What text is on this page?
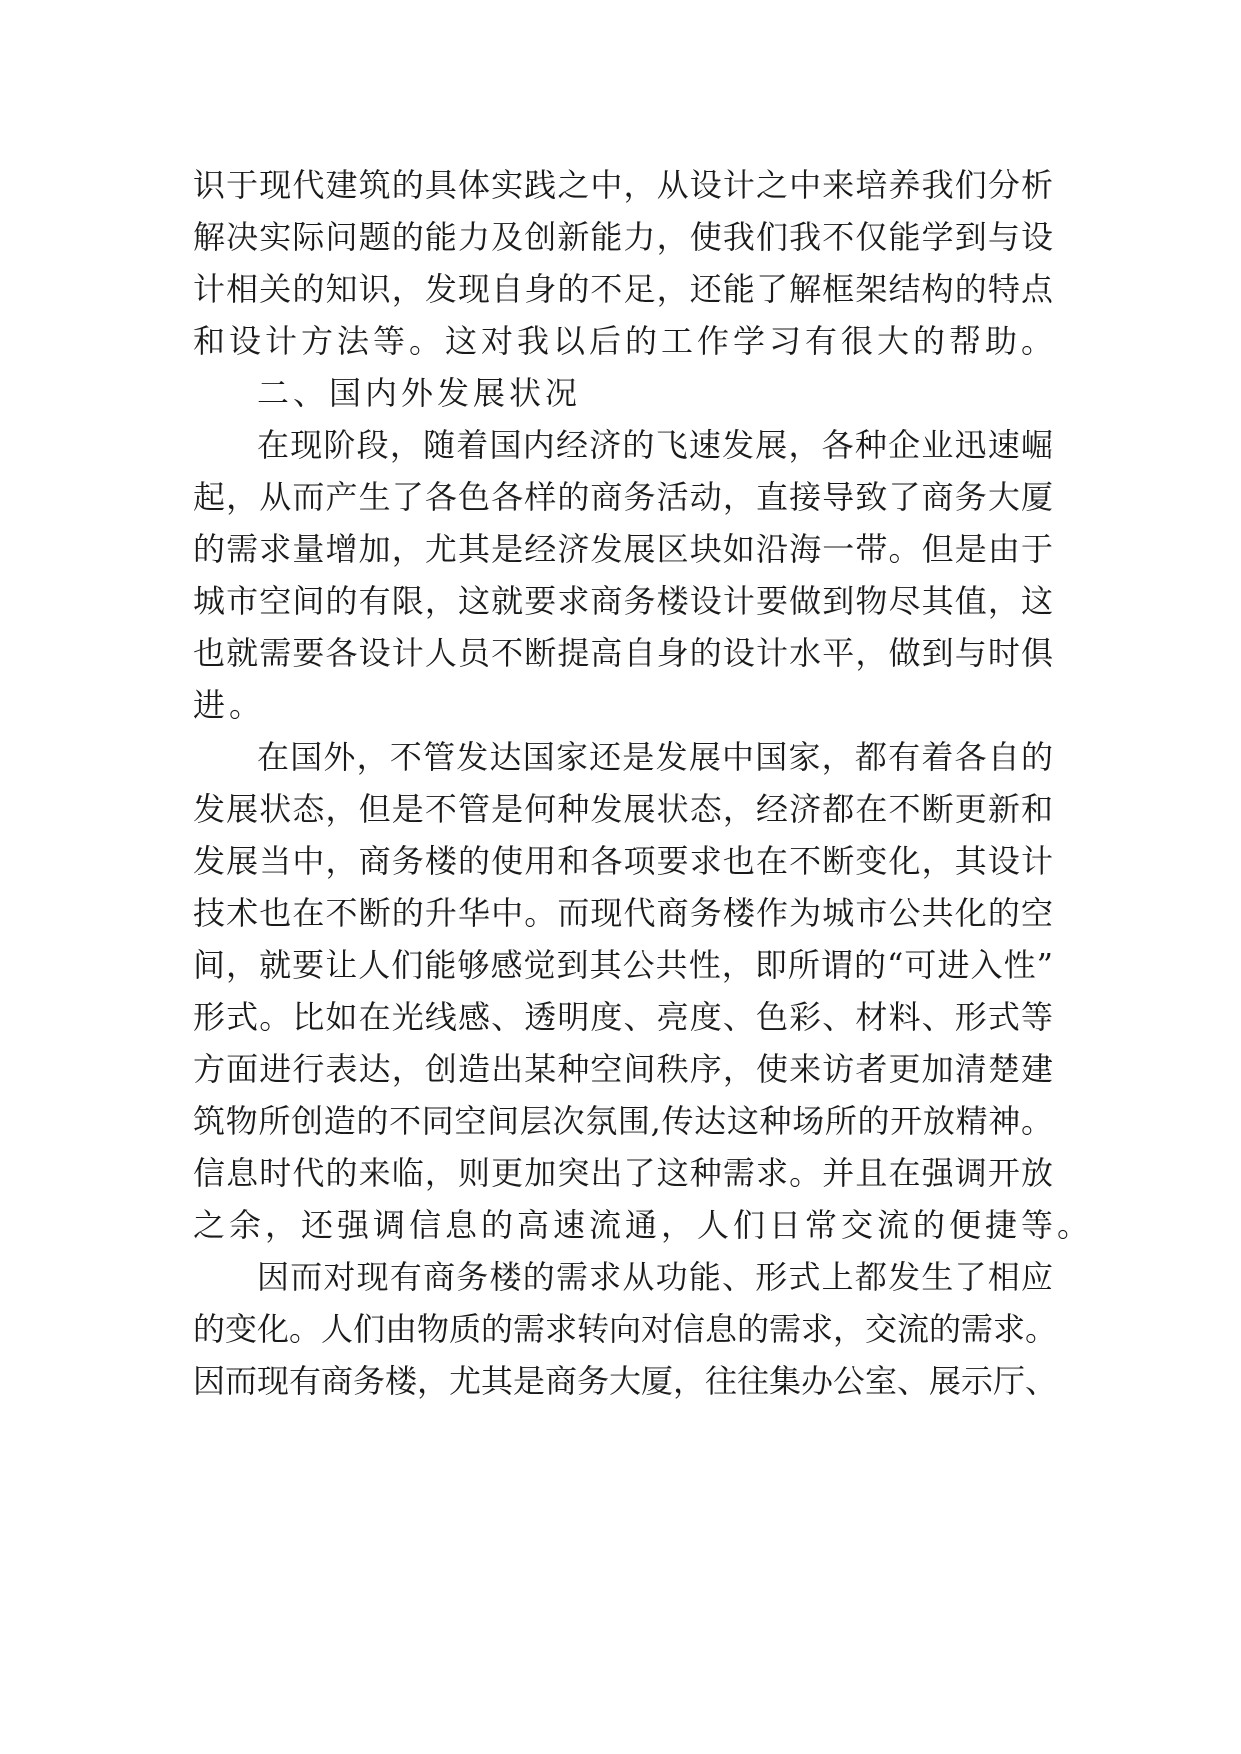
识于现代建筑的具体实践之中，从设计之中来培养我们分析
解决实际问题的能力及创新能力，使我们我不仅能学到与设
计相关的知识，发现自身的不足，还能了解框架结构的特点
和设计方法等。这对我以后的工作学习有很大的帮助。
二、国内外发展状况
在现阶段，随着国内经济的飞速发展，各种企业迅速崛
起，从而产生了各色各样的商务活动，直接导致了商务大厦
的需求量增加，尤其是经济发展区块如沿海一带。但是由于
城市空间的有限，这就要求商务楼设计要做到物尽其值，这
也就需要各设计人员不断提高自身的设计水平，做到与时俱
进。
在国外，不管发达国家还是发展中国家，都有着各自的
发展状态，但是不管是何种发展状态，经济都在不断更新和
发展当中，商务楼的使用和各项要求也在不断变化，其设计
技术也在不断的升华中。而现代商务楼作为城市公共化的空
间，就要让人们能够感觉到其公共性，即所谓的“可进入性”
形式。比如在光线感、透明度、亮度、色彩、材料、形式等
方面进行表达，创造出某种空间秩序，使来访者更加清楚建
筑物所创造的不同空间层次氛围,传达这种场所的开放精神。
信息时代的来临，则更加突出了这种需求。并且在强调开放
之余，还强调信息的高速流通，人们日常交流的便捷等。
因而对现有商务楼的需求从功能、形式上都发生了相应
的变化。人们由物质的需求转向对信息的需求，交流的需求。
因而现有商务楼，尤其是商务大厦，往往集办公室、展示厅、
